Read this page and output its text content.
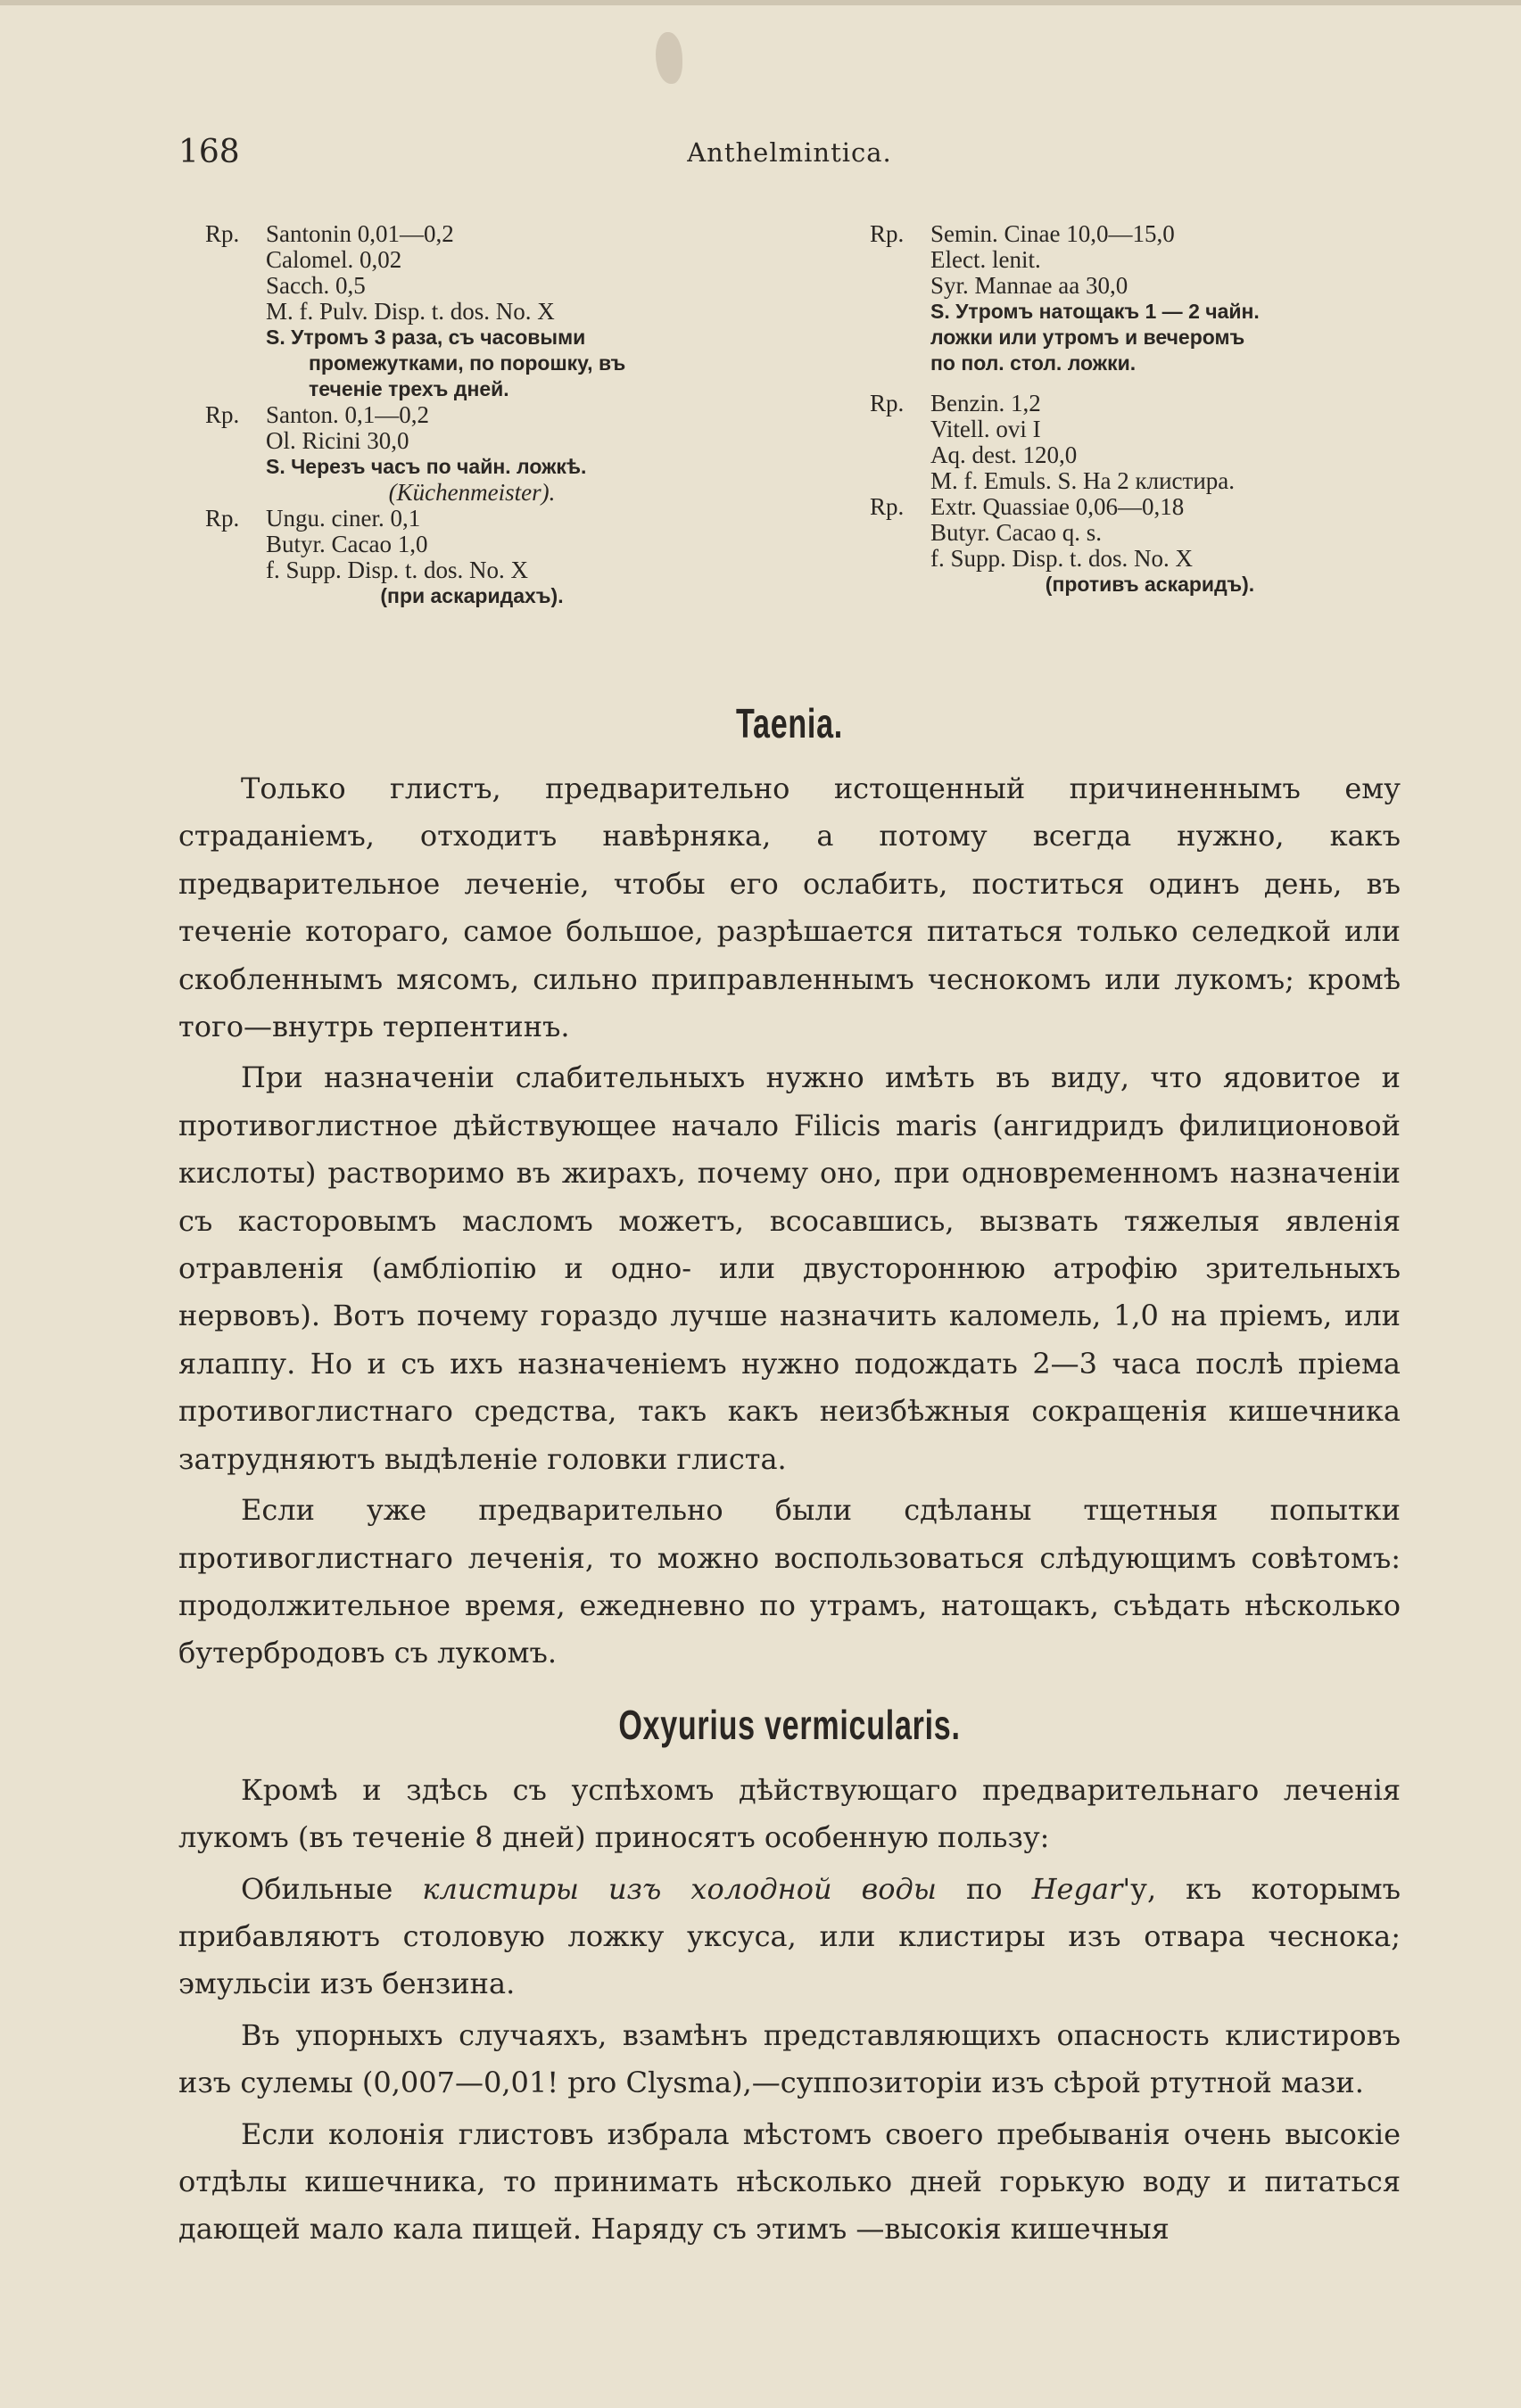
168	Anthelmintica.
Rp.	Santonin 0,01—0,2
Calomel. 0,02
Sacch. 0,5
M. f. Pulv. Disp. t. dos. No. X
S. Утромъ 3 раза, съ часовыми
промежутками, по порошку, въ
теченіе трехъ дней.
Rp.	Santon. 0,1—0,2
Ol. Ricini 30,0
S. Черезъ часъ по чайн. ложкѣ.
(Küchenmeister).
Rp.	Ungu. ciner. 0,1
Butyr. Cacao 1,0
f. Supp. Disp. t. dos. No. X
(при аскаридахъ).
Rp.	Semin. Cinae 10,0—15,0
Elect. lenit.
Syr. Mannae aa 30,0
S. Утромъ натощакъ 1 — 2 чайн.
ложки или утромъ и вечеромъ
по пол. стол. ложки.
Rp.	Benzin. 1,2
Vitell. ovi I
Aq. dest. 120,0
M. f. Emuls. S. На 2 клистира.
Rp.	Extr. Quassiae 0,06—0,18
Butyr. Cacao q. s.
f. Supp. Disp. t. dos. No. X
(противъ аскаридъ).
Taenia.

Только глистъ, предварительно истощенный причиненнымъ ему страданіемъ, отходитъ навѣрняка, а потому всегда нужно, какъ предварительное леченіе, чтобы его ослабить, поститься одинъ день, въ теченіе котораго, самое большое, разрѣшается питаться только селедкой или скобленнымъ мясомъ, сильно приправленнымъ чеснокомъ или лукомъ; кромѣ того—внутрь терпентинъ.

При назначеніи слабительныхъ нужно имѣть въ виду, что ядовитое и противоглистное дѣйствующее начало Filicis maris (ангидридъ филиционовой кислоты) растворимо въ жирахъ, почему оно, при одновременномъ назначеніи съ касторовымъ масломъ можетъ, всосавшись, вызвать тяжелыя явленія отравленія (амбліопію и одно- или двустороннюю атрофію зрительныхъ нервовъ). Вотъ почему гораздо лучше назначить каломель, 1,0 на пріемъ, или ялаппу. Но и съ ихъ назначеніемъ нужно подождать 2—3 часа послѣ пріема противоглистнаго средства, такъ какъ неизбѣжныя сокращенія кишечника затрудняютъ выдѣленіе головки глиста.

Если уже предварительно были сдѣланы тщетныя попытки противоглистнаго леченія, то можно воспользоваться слѣдующимъ совѣтомъ: продолжительное время, ежедневно по утрамъ, натощакъ, съѣдать нѣсколько бутербродовъ съ лукомъ.

Oxyurius vermicularis.

Кромѣ и здѣсь съ успѣхомъ дѣйствующаго предварительнаго леченія лукомъ (въ теченіе 8 дней) приносятъ особенную пользу:

Обильные клистиры изъ холодной воды по Hegar'у, къ которымъ прибавляютъ столовую ложку уксуса, или клистиры изъ отвара чеснока; эмульсіи изъ бензина.

Въ упорныхъ случаяхъ, взамѣнъ представляющихъ опасность клистировъ изъ сулемы (0,007—0,01! pro Clysma),—суппозиторіи изъ сѣрой ртутной мази.

Если колонія глистовъ избрала мѣстомъ своего пребыванія очень высокіе отдѣлы кишечника, то принимать нѣсколько дней горькую воду и питаться дающей мало кала пищей. Наряду съ этимъ —высокія кишечныя
